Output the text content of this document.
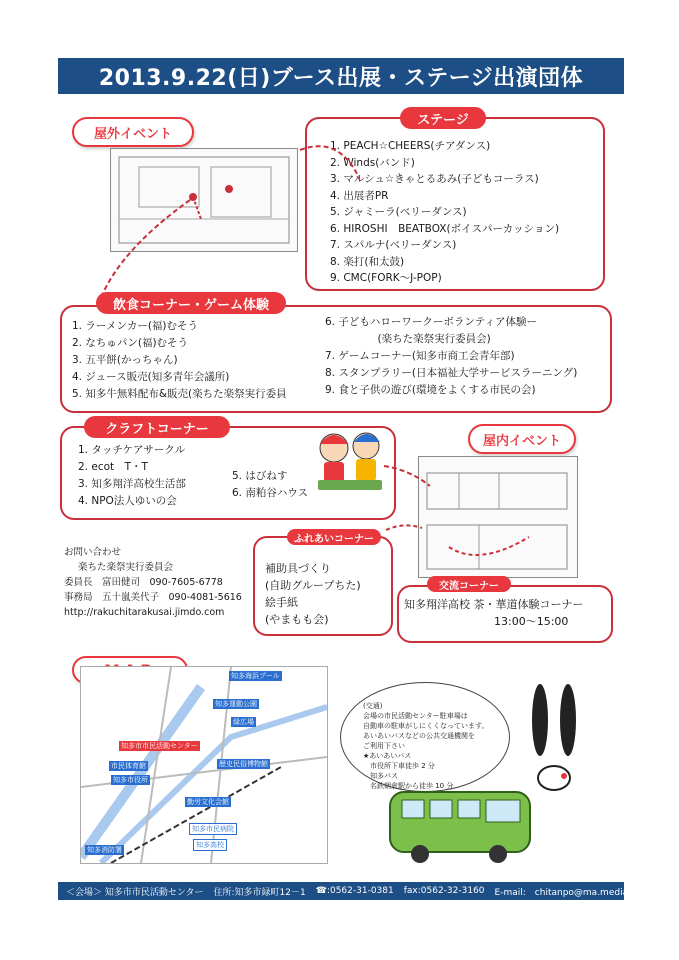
2013.9.22(日)ブース出展・ステージ出演団体
屋外イベント
ステージ
1. PEACH☆CHEERS(チアダンス)
2. Winds(バンド)
3. マルシュ☆きゃとるあみ(子どもコーラス)
4. 出展者PR
5. ジャミーラ(ベリーダンス)
6. HIROSHI　BEATBOX(ボイスパーカッション)
7. スパルナ(ベリーダンス)
8. 楽打(和太鼓)
9. CMC(FORK～J-POP)
飲食コーナー・ゲーム体験
1. ラーメンカー(福)むそう
2. なちゅパン(福)むそう
3. 五平餅(かっちゃん)
4. ジュース販売(知多青年会議所)
5. 知多牛無料配布&販売(楽ちた楽祭実行委員
6. 子どもハローワークーボランティア体験ー
　　　　　(楽ちた楽祭実行委員会)
7. ゲームコーナー(知多市商工会青年部)
8. スタンプラリー(日本福祉大学サービスラーニング)
9. 食と子供の遊び(環境をよくする市民の会)
クラフトコーナー
1. タッチケアサークル
2. ecot　T・T
3. 知多翔洋高校生活部
4. NPO法人ゆいの会
5. はびねす
6. 南粕谷ハウス
屋内イベント
ふれあいコーナー
補助具づくり
(自助グループちた)
絵手紙
(やまもも会)
交流コーナー
知多翔洋高校 茶・華道体験コーナー
13:00～15:00
お問い合わせ
楽ちた楽祭実行委員会
委員長　富田健司　090-7605-6778
事務局　五十嵐美代子　090-4081-5616
http://rakuchitarakusai.jimdo.com
知多海浜プール
知多運動公園
緑広場
知多市市民活動センター
市民体育館	歴史民俗博物館
知多市役所
勤労文化会館
知多市民病院
知多高校
知多消防署
(交通)
会場の市民活動センター駐車場は
自動車の駐車がしにくくなっています。
あいあいバスなどの公共交通機関を
ご利用下さい
★あいあいバス
　市役所下車徒歩 2 分
　知多バス
　名鉄朝倉駅から徒歩 10 分
＜会場＞ 知多市市民活動センター 住所:知多市緑町12－1 ☎:0562-31-0381 fax:0562-32-3160 E-mail:　chitanpo@ma.medias.ne.jp
